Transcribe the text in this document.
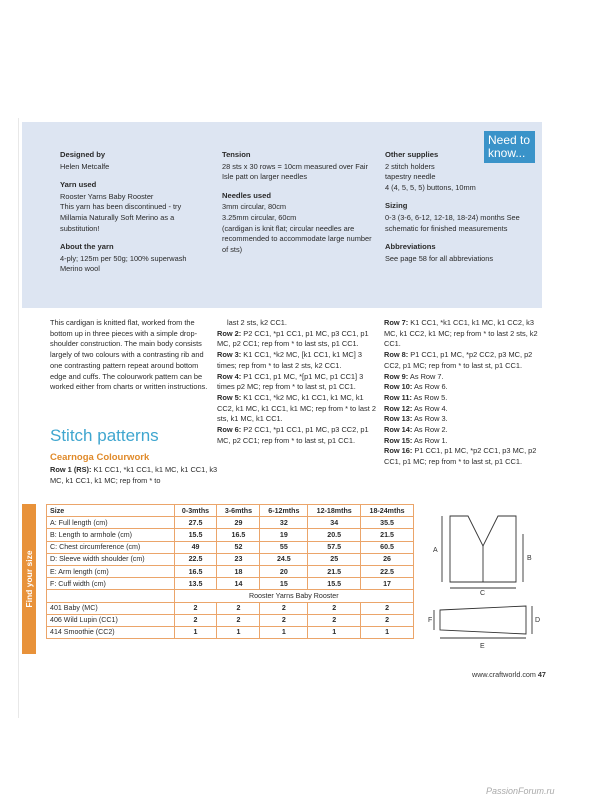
Need to know...
Designed by

Helen Metcalfe

Yarn used

Rooster Yarns Baby Rooster

This yarn has been discontinued - try Millamia Naturally Soft Merino as a substitution!

About the yarn

4-ply; 125m per 50g; 100% superwash Merino wool

Tension

28 sts x 30 rows = 10cm measured over Fair Isle patt on larger needles

Needles used

3mm circular, 80cm

3.25mm circular, 60cm

(cardigan is knit flat; circular needles are recommended to accommodate large number of sts)

Other supplies

2 stitch holders

tapestry needle

4 (4, 5, 5, 5) buttons, 10mm

Sizing

0-3 (3-6, 6-12, 12-18, 18-24) months See schematic for finished measurements

Abbreviations

See page 58 for all abbreviations

This cardigan is knitted flat, worked from the bottom up in three pieces with a simple drop-shoulder construction. The main body consists largely of two colours with a contrasting rib and one contrasting pattern repeat around bottom edge and cuffs. The colourwork pattern can be worked either from charts or written instructions.
Stitch patterns
Cearnoga Colourwork
Row 1 (RS): K1 CC1, *k1 CC1, k1 MC, k1 CC1, k3 MC, k1 CC1, k1 MC; rep from * to
last 2 sts, k2 CC1.
Row 2: P2 CC1, *p1 CC1, p1 MC, p3 CC1, p1 MC, p2 CC1; rep from * to last sts, p1 CC1.
Row 3: K1 CC1, *k2 MC, [k1 CC1, k1 MC] 3 times; rep from * to last 2 sts, k2 CC1.
Row 4: P1 CC1, p1 MC, *[p1 MC, p1 CC1] 3 times p2 MC; rep from * to last st, p1 CC1.
Row 5: K1 CC1, *k2 MC, k1 CC1, k1 MC, k1 CC2, k1 MC, k1 CC1, k1 MC; rep from * to last 2 sts, k1 MC, k1 CC1.
Row 6: P2 CC1, *p1 CC1, p1 MC, p3 CC2, p1 MC, p2 CC1; rep from * to last st, p1 CC1.
Row 7: K1 CC1, *k1 CC1, k1 MC, k1 CC2, k3 MC, k1 CC2, k1 MC; rep from * to last 2 sts, k2 CC1.
Row 8: P1 CC1, p1 MC, *p2 CC2, p3 MC, p2 CC2, p1 MC; rep from * to last st, p1 CC1.
Row 9: As Row 7.
Row 10: As Row 6.
Row 11: As Row 5.
Row 12: As Row 4.
Row 13: As Row 3.
Row 14: As Row 2.
Row 15: As Row 1.
Row 16: P1 CC1, p1 MC, *p2 CC1, p3 MC, p2 CC1, p1 MC; rep from * to last st, p1 CC1.
Find your size
Size	0-3mths	3-6mths	6-12mths	12-18mths	18-24mths
A: Full length (cm)	27.5	29	32	34	35.5
B: Length to armhole (cm)	15.5	16.5	19	20.5	21.5
C: Chest circumference (cm)	49	52	55	57.5	60.5
D: Sleeve width shoulder (cm)	22.5	23	24.5	25	26
E: Arm length (cm)	16.5	18	20	21.5	22.5
F: Cuff width (cm)	13.5	14	15	15.5	17
	Rooster Yarns Baby Rooster				
401 Baby (MC)	2	2	2	2	2
406 Wild Lupin (CC1)	2	2	2	2	2
414 Smoothie (CC2)	1	1	1	1	1
A
B
C
D
E
F
www.craftworld.com 47
PassionForum.ru
